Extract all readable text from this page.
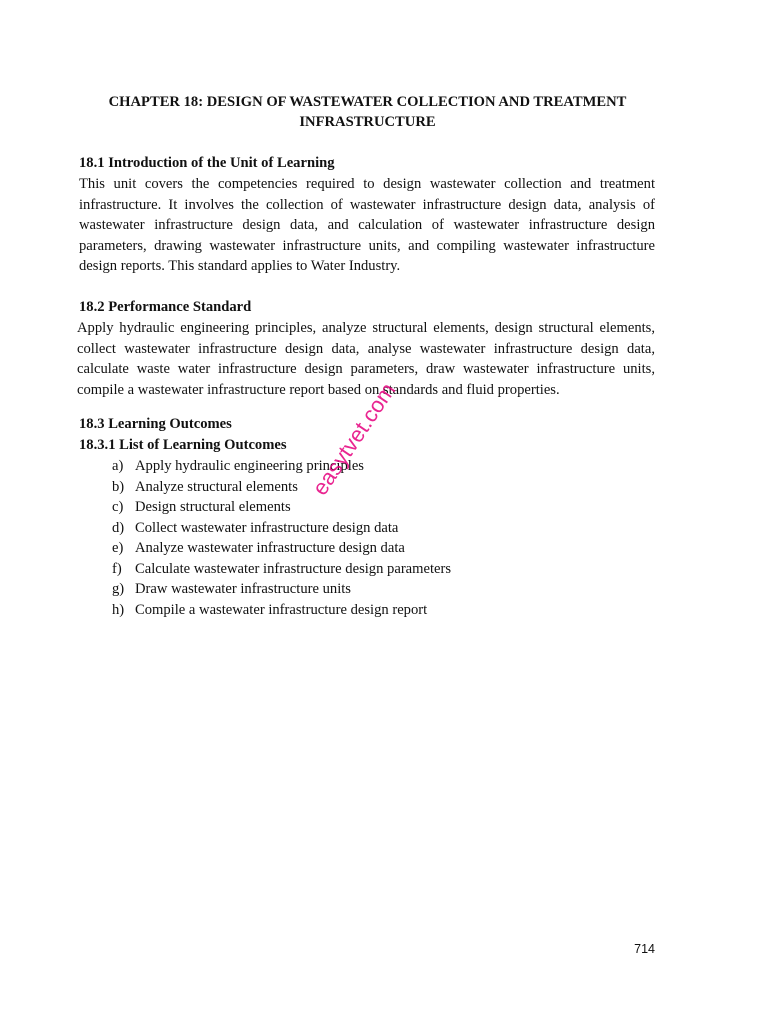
CHAPTER 18: DESIGN OF WASTEWATER COLLECTION AND TREATMENT
INFRASTRUCTURE
18.1 Introduction of the Unit of Learning
This unit covers the competencies required to design wastewater collection and treatment
infrastructure. It involves the collection of wastewater infrastructure design data, analysis of
wastewater infrastructure design data, and calculation of wastewater infrastructure design
parameters, drawing wastewater infrastructure units, and compiling wastewater infrastructure
design reports. This standard applies to Water Industry.
18.2 Performance Standard
Apply hydraulic engineering principles, analyze structural elements, design structural elements,
collect wastewater infrastructure design data, analyse wastewater infrastructure design data,
calculate waste water infrastructure design parameters, draw wastewater infrastructure units,
compile a wastewater infrastructure report based on standards and fluid properties.
18.3 Learning Outcomes
18.3.1 List of Learning Outcomes
a) Apply hydraulic engineering principles
b) Analyze structural elements
c) Design structural elements
d) Collect wastewater infrastructure design data
e) Analyze wastewater infrastructure design data
f) Calculate wastewater infrastructure design parameters
g) Draw wastewater infrastructure units
h) Compile a wastewater infrastructure design report
easytvet.com
714
